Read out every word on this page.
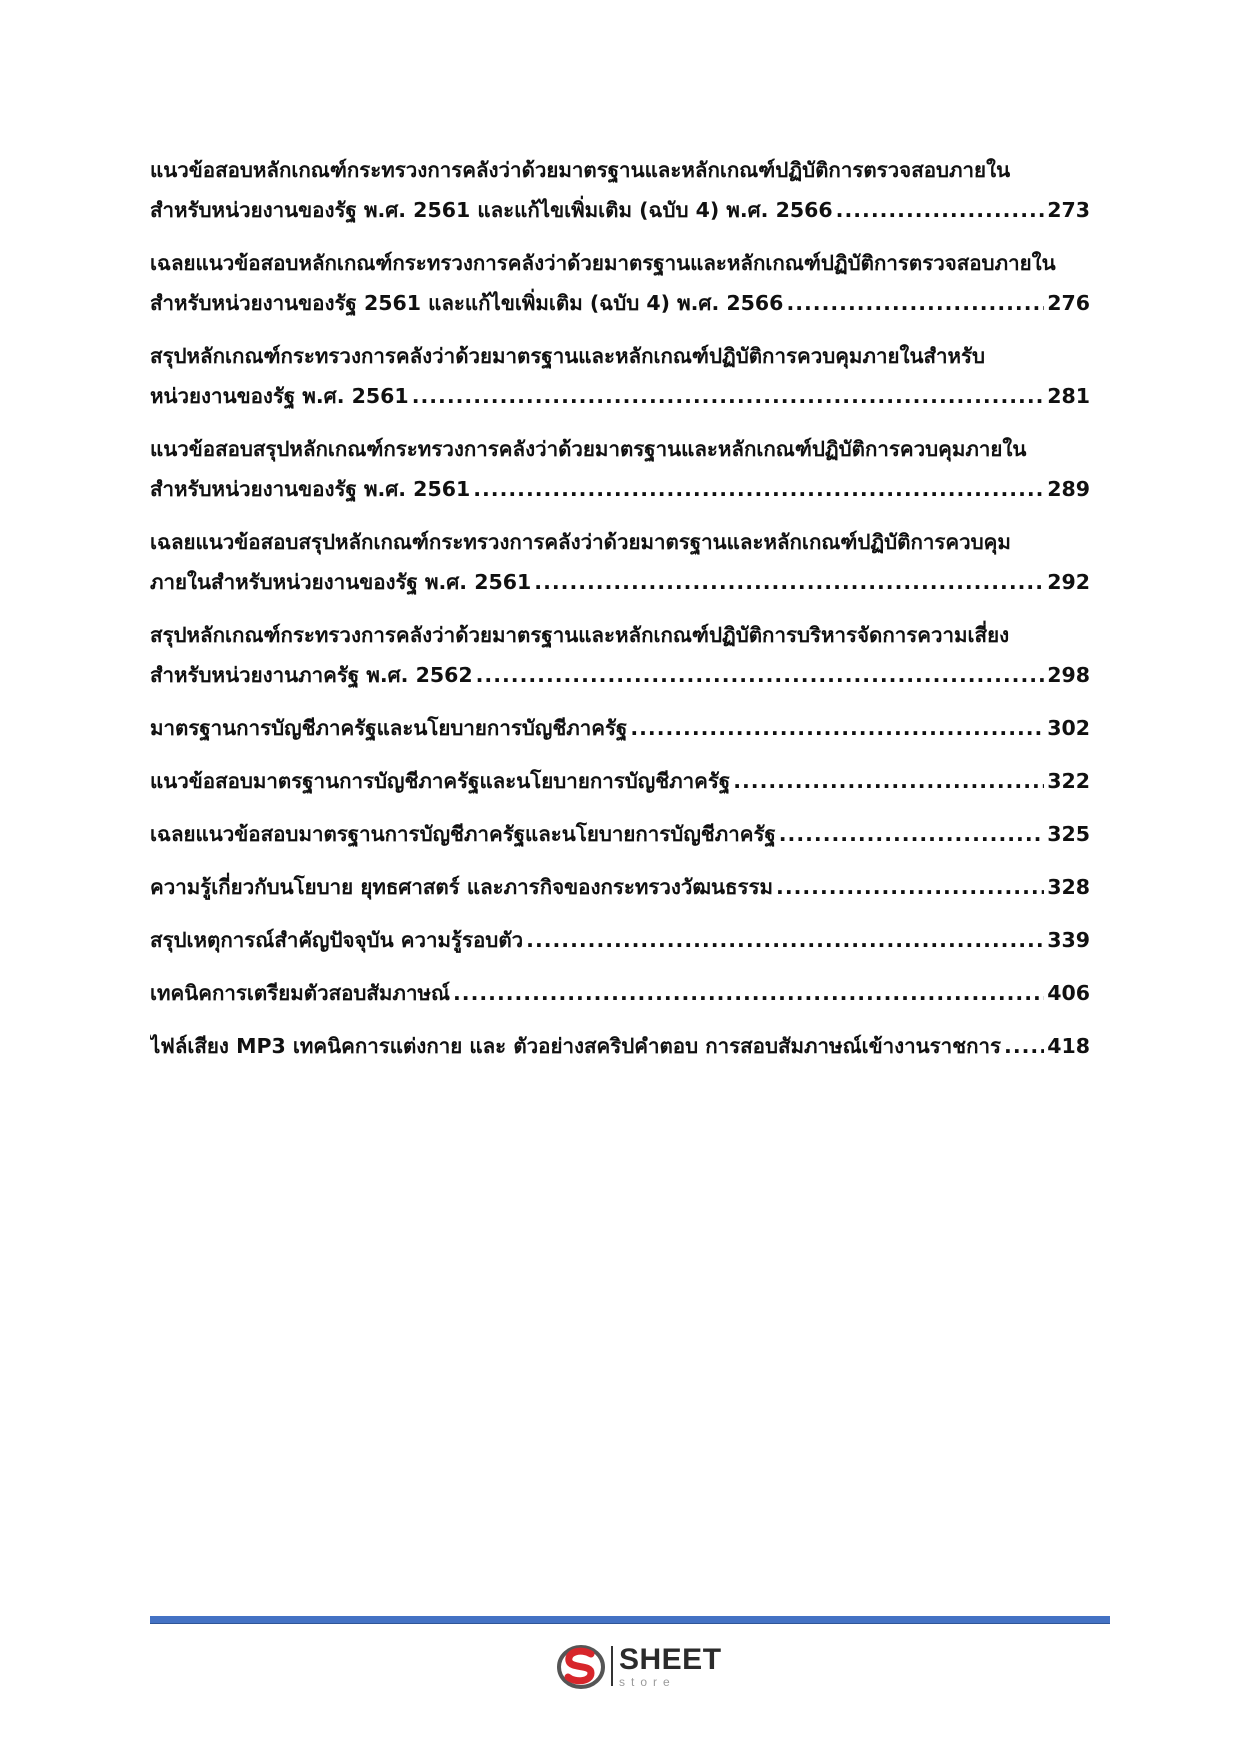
แนวข้อสอบหลักเกณฑ์กระทรวงการคลังว่าด้วยมาตรฐานและหลักเกณฑ์ปฏิบัติการตรวจสอบภายใน
สำหรับหน่วยงานของรัฐ พ.ศ. 2561 และแก้ไขเพิ่มเติม (ฉบับ 4) พ.ศ. 2566 .....	273
เฉลยแนวข้อสอบหลักเกณฑ์กระทรวงการคลังว่าด้วยมาตรฐานและหลักเกณฑ์ปฏิบัติการตรวจสอบภายใน
สำหรับหน่วยงานของรัฐ 2561 และแก้ไขเพิ่มเติม (ฉบับ 4) พ.ศ. 2566 .....	276
สรุปหลักเกณฑ์กระทรวงการคลังว่าด้วยมาตรฐานและหลักเกณฑ์ปฏิบัติการควบคุมภายในสำหรับ
หน่วยงานของรัฐ พ.ศ. 2561 .....	281
แนวข้อสอบสรุปหลักเกณฑ์กระทรวงการคลังว่าด้วยมาตรฐานและหลักเกณฑ์ปฏิบัติการควบคุมภายใน
สำหรับหน่วยงานของรัฐ พ.ศ. 2561 .....	289
เฉลยแนวข้อสอบสรุปหลักเกณฑ์กระทรวงการคลังว่าด้วยมาตรฐานและหลักเกณฑ์ปฏิบัติการควบคุม
ภายในสำหรับหน่วยงานของรัฐ พ.ศ. 2561 .....	292
สรุปหลักเกณฑ์กระทรวงการคลังว่าด้วยมาตรฐานและหลักเกณฑ์ปฏิบัติการบริหารจัดการความเสี่ยง
สำหรับหน่วยงานภาครัฐ พ.ศ. 2562 .....	298
มาตรฐานการบัญชีภาครัฐและนโยบายการบัญชีภาครัฐ .....	302
แนวข้อสอบมาตรฐานการบัญชีภาครัฐและนโยบายการบัญชีภาครัฐ .....	322
เฉลยแนวข้อสอบมาตรฐานการบัญชีภาครัฐและนโยบายการบัญชีภาครัฐ .....	325
ความรู้เกี่ยวกับนโยบาย ยุทธศาสตร์ และภารกิจของกระทรวงวัฒนธรรม .....	328
สรุปเหตุการณ์สำคัญปัจจุบัน ความรู้รอบตัว .....	339
เทคนิคการเตรียมตัวสอบสัมภาษณ์ .....	406
ไฟล์เสียง MP3 เทคนิคการแต่งกาย และ ตัวอย่างสคริปคำตอบ การสอบสัมภาษณ์เข้างานราชการ ..... 418
SHEET
store
